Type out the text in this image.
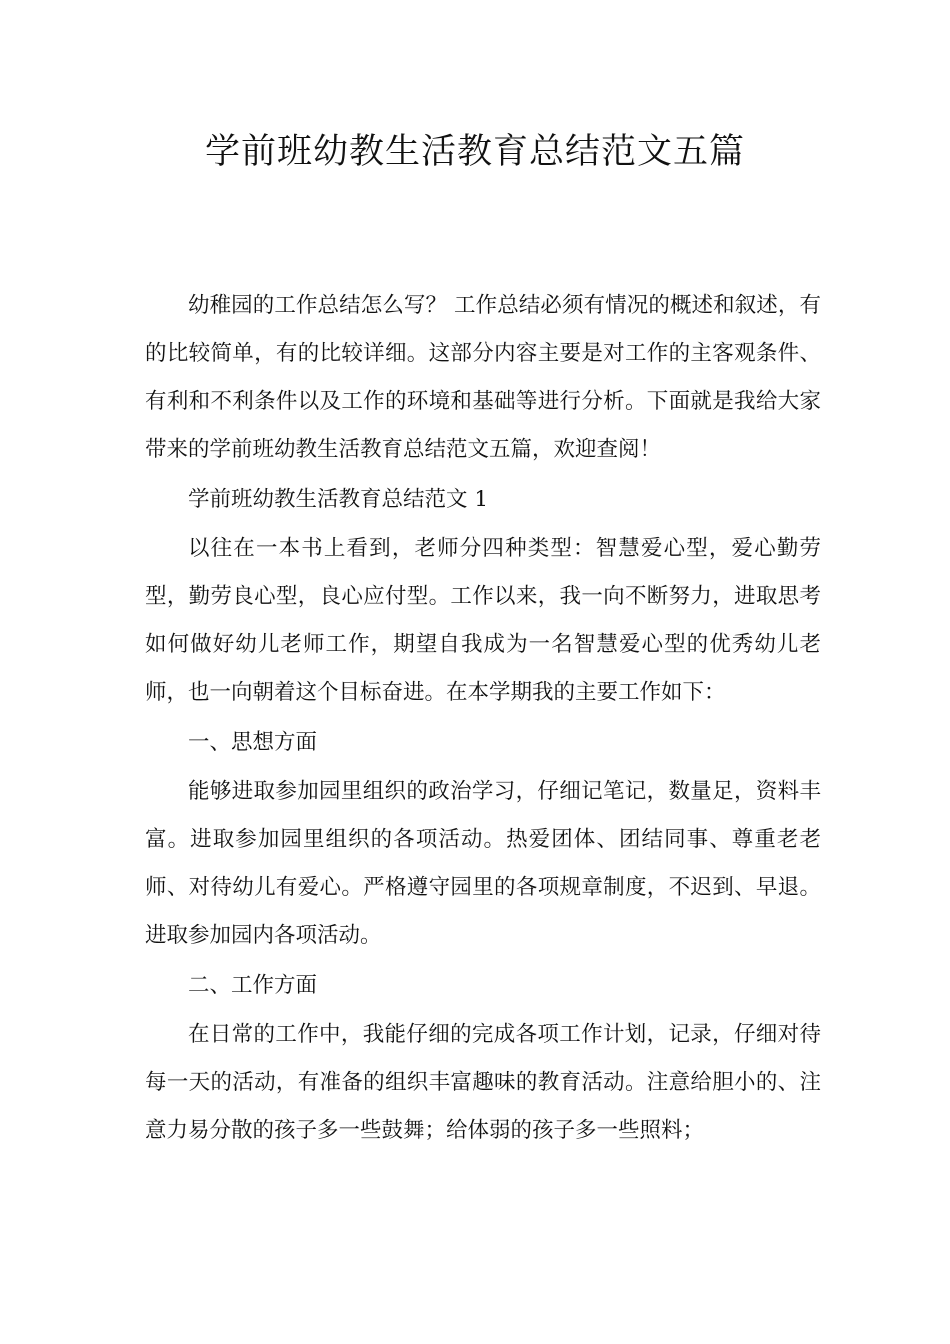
学前班幼教生活教育总结范文五篇

幼稚园的工作总结怎么写？ 工作总结必须有情况的概述和叙述，有的比较简单，有的比较详细。这部分内容主要是对工作的主客观条件、有利和不利条件以及工作的环境和基础等进行分析。下面就是我给大家带来的学前班幼教生活教育总结范文五篇，欢迎查阅！

学前班幼教生活教育总结范文 1

以往在一本书上看到，老师分四种类型：智慧爱心型，爱心勤劳型，勤劳良心型，良心应付型。工作以来，我一向不断努力，进取思考如何做好幼儿老师工作，期望自我成为一名智慧爱心型的优秀幼儿老师，也一向朝着这个目标奋进。在本学期我的主要工作如下：

一、思想方面

能够进取参加园里组织的政治学习，仔细记笔记，数量足，资料丰富。进取参加园里组织的各项活动。热爱团体、团结同事、尊重老老师、对待幼儿有爱心。严格遵守园里的各项规章制度，不迟到、早退。进取参加园内各项活动。

二、工作方面

在日常的工作中，我能仔细的完成各项工作计划，记录，仔细对待每一天的活动，有准备的组织丰富趣味的教育活动。注意给胆小的、注意力易分散的孩子多一些鼓舞；给体弱的孩子多一些照料；
